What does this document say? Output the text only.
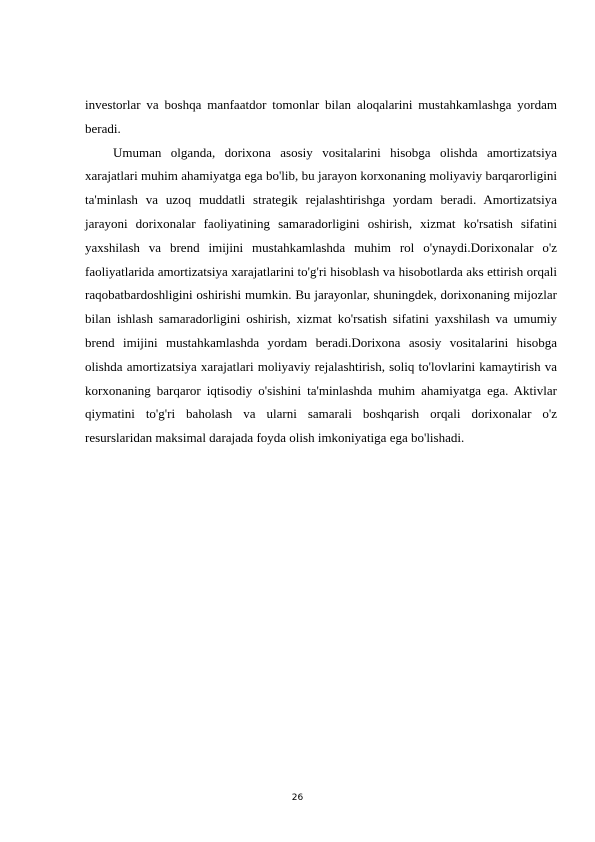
investorlar va boshqa manfaatdor tomonlar bilan aloqalarini mustahkamlashga yordam beradi.

Umuman olganda, dorixona asosiy vositalarini hisobga olishda amortizatsiya xarajatlari muhim ahamiyatga ega bo'lib, bu jarayon korxonaning moliyaviy barqarorligini ta'minlash va uzoq muddatli strategik rejalashtirishga yordam beradi. Amortizatsiya jarayoni dorixonalar faoliyatining samaradorligini oshirish, xizmat ko'rsatish sifatini yaxshilash va brend imijini mustahkamlashda muhim rol o'ynaydi.Dorixonalar o'z faoliyatlarida amortizatsiya xarajatlarini to'g'ri hisoblash va hisobotlarda aks ettirish orqali raqobatbardoshligini oshirishi mumkin. Bu jarayonlar, shuningdek, dorixonaning mijozlar bilan ishlash samaradorligini oshirish, xizmat ko'rsatish sifatini yaxshilash va umumiy brend imijini mustahkamlashda yordam beradi.Dorixona asosiy vositalarini hisobga olishda amortizatsiya xarajatlari moliyaviy rejalashtirish, soliq to'lovlarini kamaytirish va korxonaning barqaror iqtisodiy o'sishini ta'minlashda muhim ahamiyatga ega. Aktivlar qiymatini to'g'ri baholash va ularni samarali boshqarish orqali dorixonalar o'z resurslaridan maksimal darajada foyda olish imkoniyatiga ega bo'lishadi.

26
